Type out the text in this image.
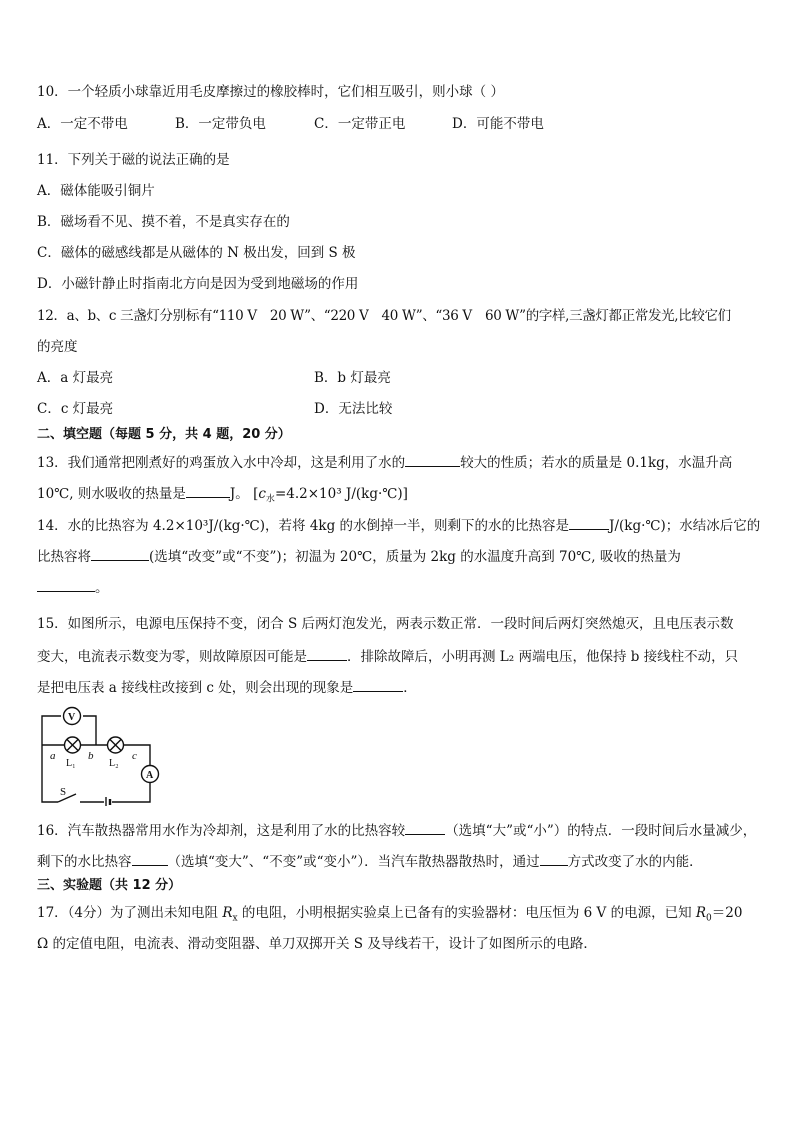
10．一个轻质小球靠近用毛皮摩擦过的橡胶棒时，它们相互吸引，则小球（ ）
A．一定不带电	B．一定带负电	C．一定带正电	D．可能不带电
11．下列关于磁的说法正确的是
A．磁体能吸引铜片
B．磁场看不见、摸不着，不是真实存在的
C．磁体的磁感线都是从磁体的 N 极出发，回到 S 极
D．小磁针静止时指南北方向是因为受到地磁场的作用
12．a、b、c 三盏灯分别标有“110 V　20 W”、“220 V　40 W”、“36 V　60 W”的字样,三盏灯都正常发光,比较它们
的亮度
A．a 灯最亮	B．b 灯最亮
C．c 灯最亮	D．无法比较
二、填空题（每题 5 分，共 4 题，20 分）
13．我们通常把刚煮好的鸡蛋放入水中冷却，这是利用了水的	较大的性质；若水的质量是 0.1kg，水温升高
10℃, 则水吸收的热量是	J。 [$c_水=4.2\times 10^3$ J/(kg·℃)]
14．水的比热容为 4.2×10³J/(kg·℃)，若将 4kg 的水倒掉一半，则剩下的水的比热容是	J/(kg·℃)；水结冰后它的
比热容将	(选填“改变”或“不变”)；初温为 20℃，质量为 2kg 的水温度升高到 70℃, 吸收的热量为
。
15．如图所示，电源电压保持不变，闭合 S 后两灯泡发光，两表示数正常．一段时间后两灯突然熄灭，且电压表示数
变大，电流表示数变为零，则故障原因可能是	．排除故障后，小明再测 L₂ 两端电压，他保持 b 接线柱不动，只
是把电压表 a 接线柱改接到 c 处，则会出现的现象是	．
V
A
a	b	c
L₁	L₂
S
16．汽车散热器常用水作为冷却剂，这是利用了水的比热容较	（选填“大”或“小”）的特点．一段时间后水量减少，
剩下的水比热容	（选填“变大”、“不变”或“变小”）．当汽车散热器散热时，通过 方式改变了水的内能．
三、实验题（共 12 分）
17．（4分）为了测出未知电阻 $R_x$ 的电阻，小明根据实验桌上已备有的实验器材：电压恒为 6 V 的电源，已知 $R_0=20$
Ω 的定值电阻，电流表、滑动变阻器、单刀双掷开关 S 及导线若干，设计了如图所示的电路．
